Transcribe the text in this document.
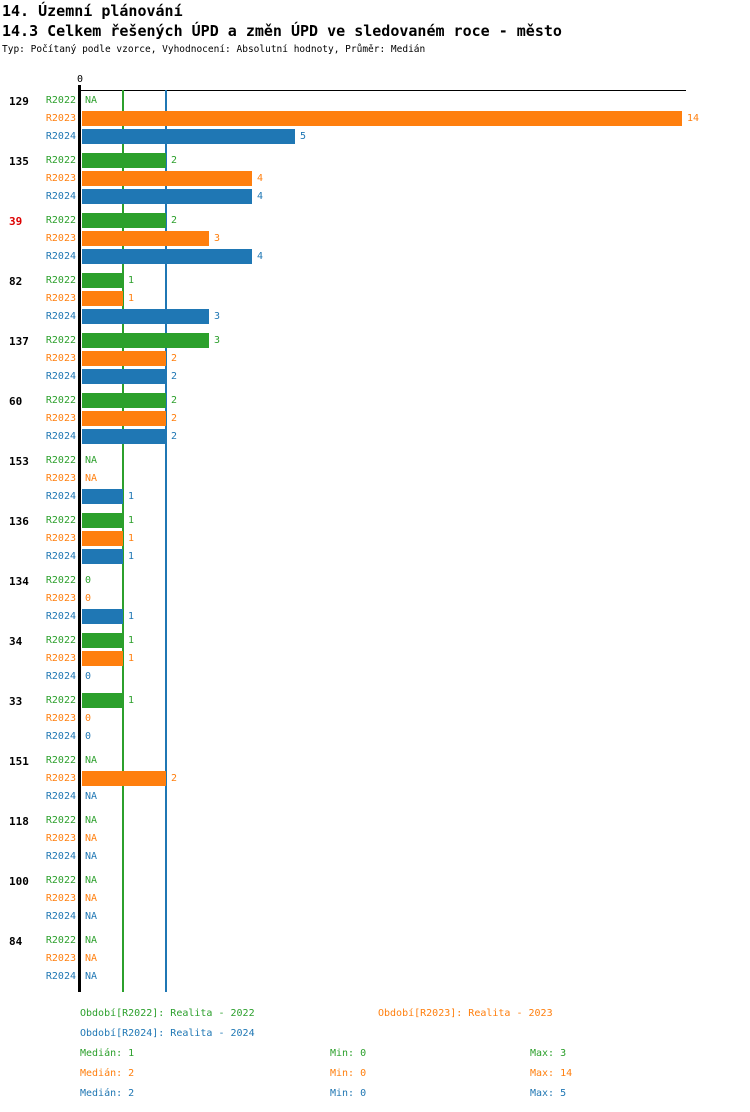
14. Územní plánování
14.3 Celkem řešených ÚPD a změn ÚPD ve sledovaném roce - město
Typ: Počítaný podle vzorce, Vyhodnocení: Absolutní hodnoty, Průměr: Medián
0
129	R2022 NA
R2023	14
R2024	5
135	R2022	2
R2023	4
R2024	4
39	R2022	2
R2023	3
R2024	4
82	R2022	1
R2023	1
R2024	3
137	R2022	3
R2023	2
R2024	2
60	R2022	2
R2023	2
R2024	2
153	R2022 NA
R2023 NA
R2024	1
136	R2022	1
R2023	1
R2024	1
134	R2022 0
R2023 0
R2024	1
34	R2022	1
R2023	1
R2024 0
33	R2022	1
R2023 0
R2024 0
151	R2022 NA
R2023	2
R2024 NA
118	R2022 NA
R2023 NA
R2024 NA
100	R2022 NA
R2023 NA
R2024 NA
84	R2022 NA
R2023 NA
R2024 NA
Období[R2022]: Realita - 2022	Období[R2023]: Realita - 2023
Období[R2024]: Realita - 2024
Medián: 1	Min: 0	Max: 3
Medián: 2	Min: 0	Max: 14
Medián: 2	Min: 0	Max: 5
